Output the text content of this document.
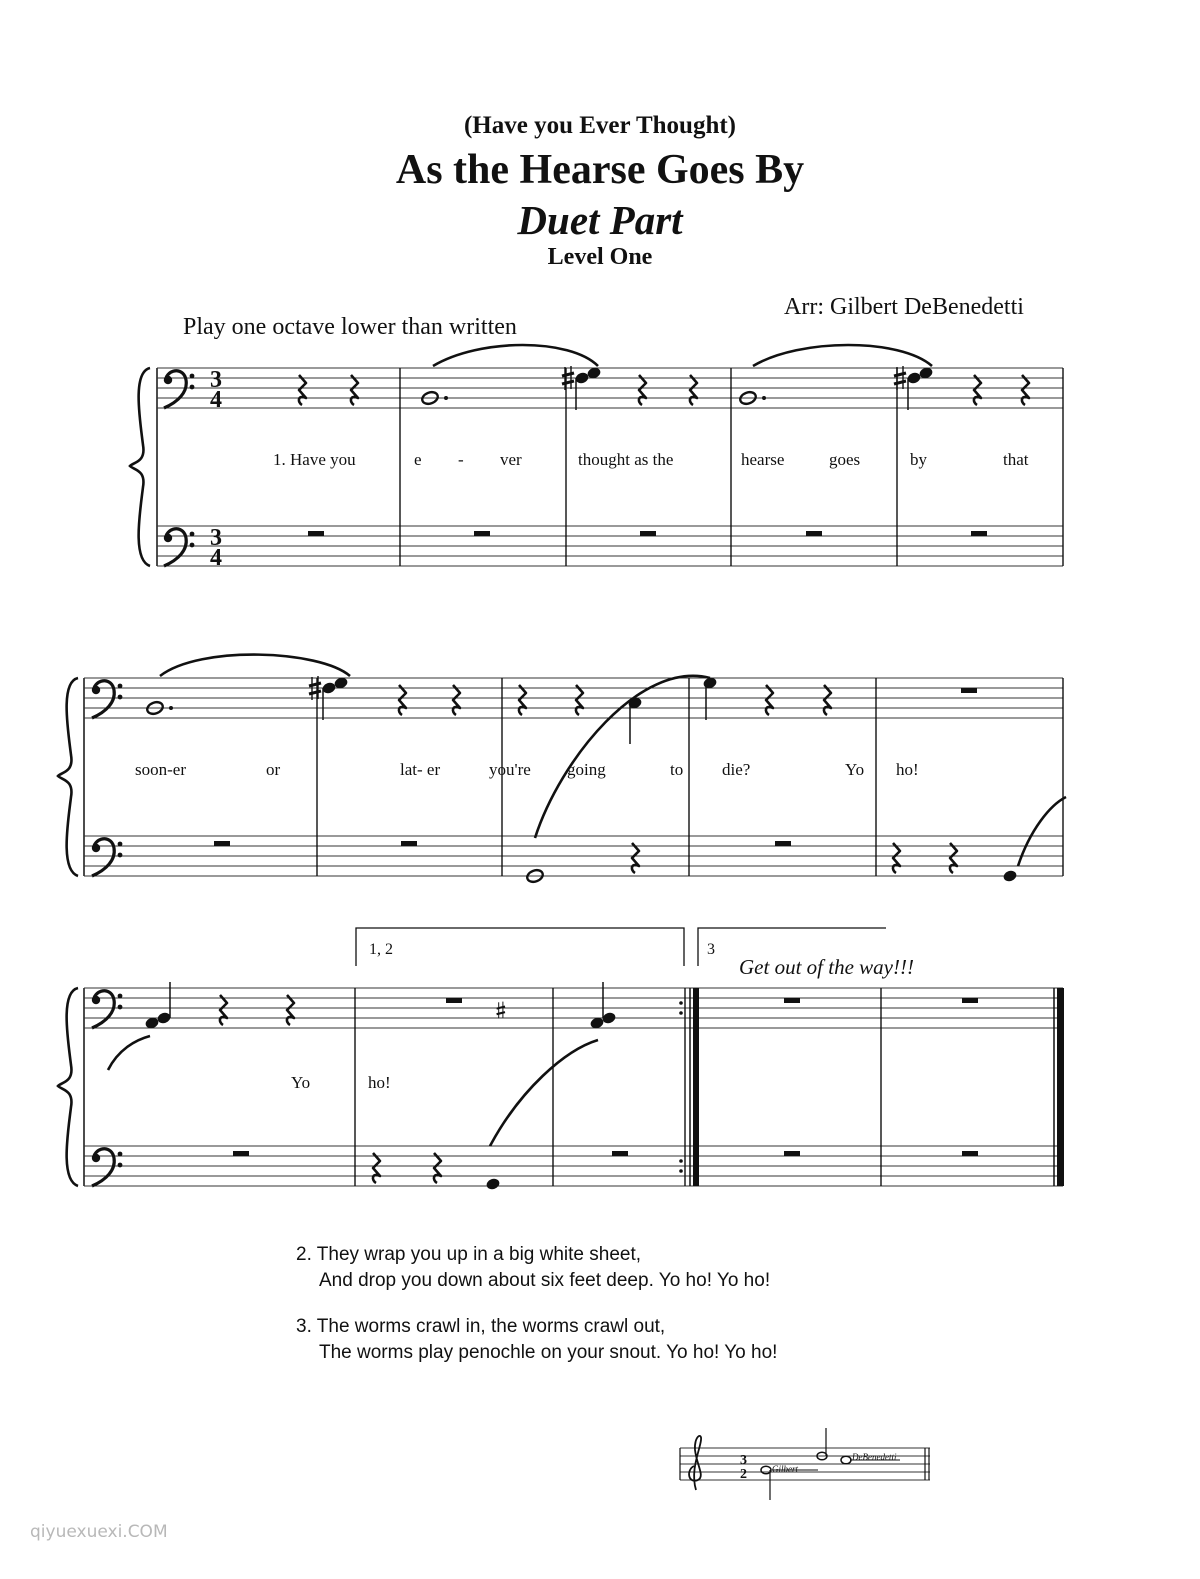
(Have you Ever Thought)
As the Hearse Goes By
Duet Part
Level One
Arr: Gilbert DeBenedetti
Play one octave lower than written
3
4
3
4
3
2
1. Have you	e - ver	thought as the	hearse	goes	by	that
soon-er	or	lat- er	you're going	to die?	Yo ho!
Yo	ho!
1, 2	3
Get out of the way!!!
2. They wrap you up in a big white sheet,
And drop you down about six feet deep. Yo ho! Yo ho!
3. The worms crawl in, the worms crawl out,
The worms play penochle on your snout. Yo ho! Yo ho!
Gilbert
DeBenedetti
qiyuexuexi.COM
